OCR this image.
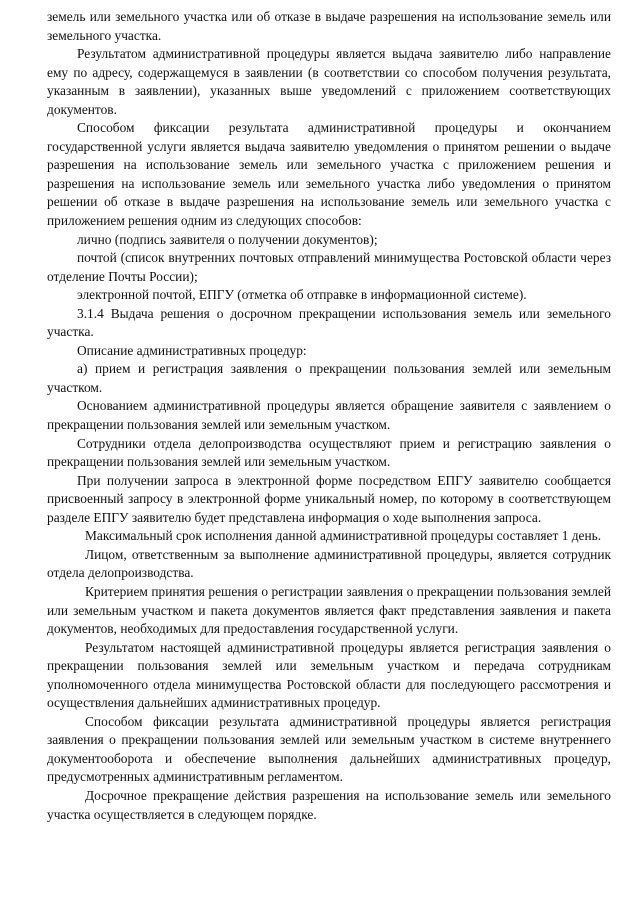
земель или земельного участка или об отказе в выдаче разрешения на использование земель или земельного участка.

Результатом административной процедуры является выдача заявителю либо направление ему по адресу, содержащемуся в заявлении (в соответствии со способом получения результата, указанным в заявлении), указанных выше уведомлений с приложением соответствующих документов.

Способом фиксации результата административной процедуры и окончанием государственной услуги является выдача заявителю уведомления о принятом решении о выдаче разрешения на использование земель или земельного участка с приложением решения и разрешения на использование земель или земельного участка либо уведомления о принятом решении об отказе в выдаче разрешения на использование земель или земельного участка с приложением решения одним из следующих способов:

лично (подпись заявителя о получении документов);

почтой (список внутренних почтовых отправлений минимущества Ростовской области через отделение Почты России);

электронной почтой, ЕПГУ (отметка об отправке в информационной системе).

3.1.4 Выдача решения о досрочном прекращении использования земель или земельного участка.

Описание административных процедур:

а) прием и регистрация заявления о прекращении пользования землей или земельным участком.

Основанием административной процедуры является обращение заявителя с заявлением о прекращении пользования землей или земельным участком.

Сотрудники отдела делопроизводства осуществляют прием и регистрацию заявления о прекращении пользования землей или земельным участком.

При получении запроса в электронной форме посредством ЕПГУ заявителю сообщается присвоенный запросу в электронной форме уникальный номер, по которому в соответствующем разделе ЕПГУ заявителю будет представлена информация о ходе выполнения запроса.

Максимальный срок исполнения данной административной процедуры составляет 1 день.

Лицом, ответственным за выполнение административной процедуры, является сотрудник отдела делопроизводства.

Критерием принятия решения о регистрации заявления о прекращении пользования землей или земельным участком и пакета документов является факт представления заявления и пакета документов, необходимых для предоставления государственной услуги.

Результатом настоящей административной процедуры является регистрация заявления о прекращении пользования землей или земельным участком и передача сотрудникам уполномоченного отдела минимущества Ростовской области для последующего рассмотрения и осуществления дальнейших административных процедур.

Способом фиксации результата административной процедуры является регистрация заявления о прекращении пользования землей или земельным участком в системе внутреннего документооборота и обеспечение выполнения дальнейших административных процедур, предусмотренных административным регламентом.

Досрочное прекращение действия разрешения на использование земель или земельного участка осуществляется в следующем порядке.
